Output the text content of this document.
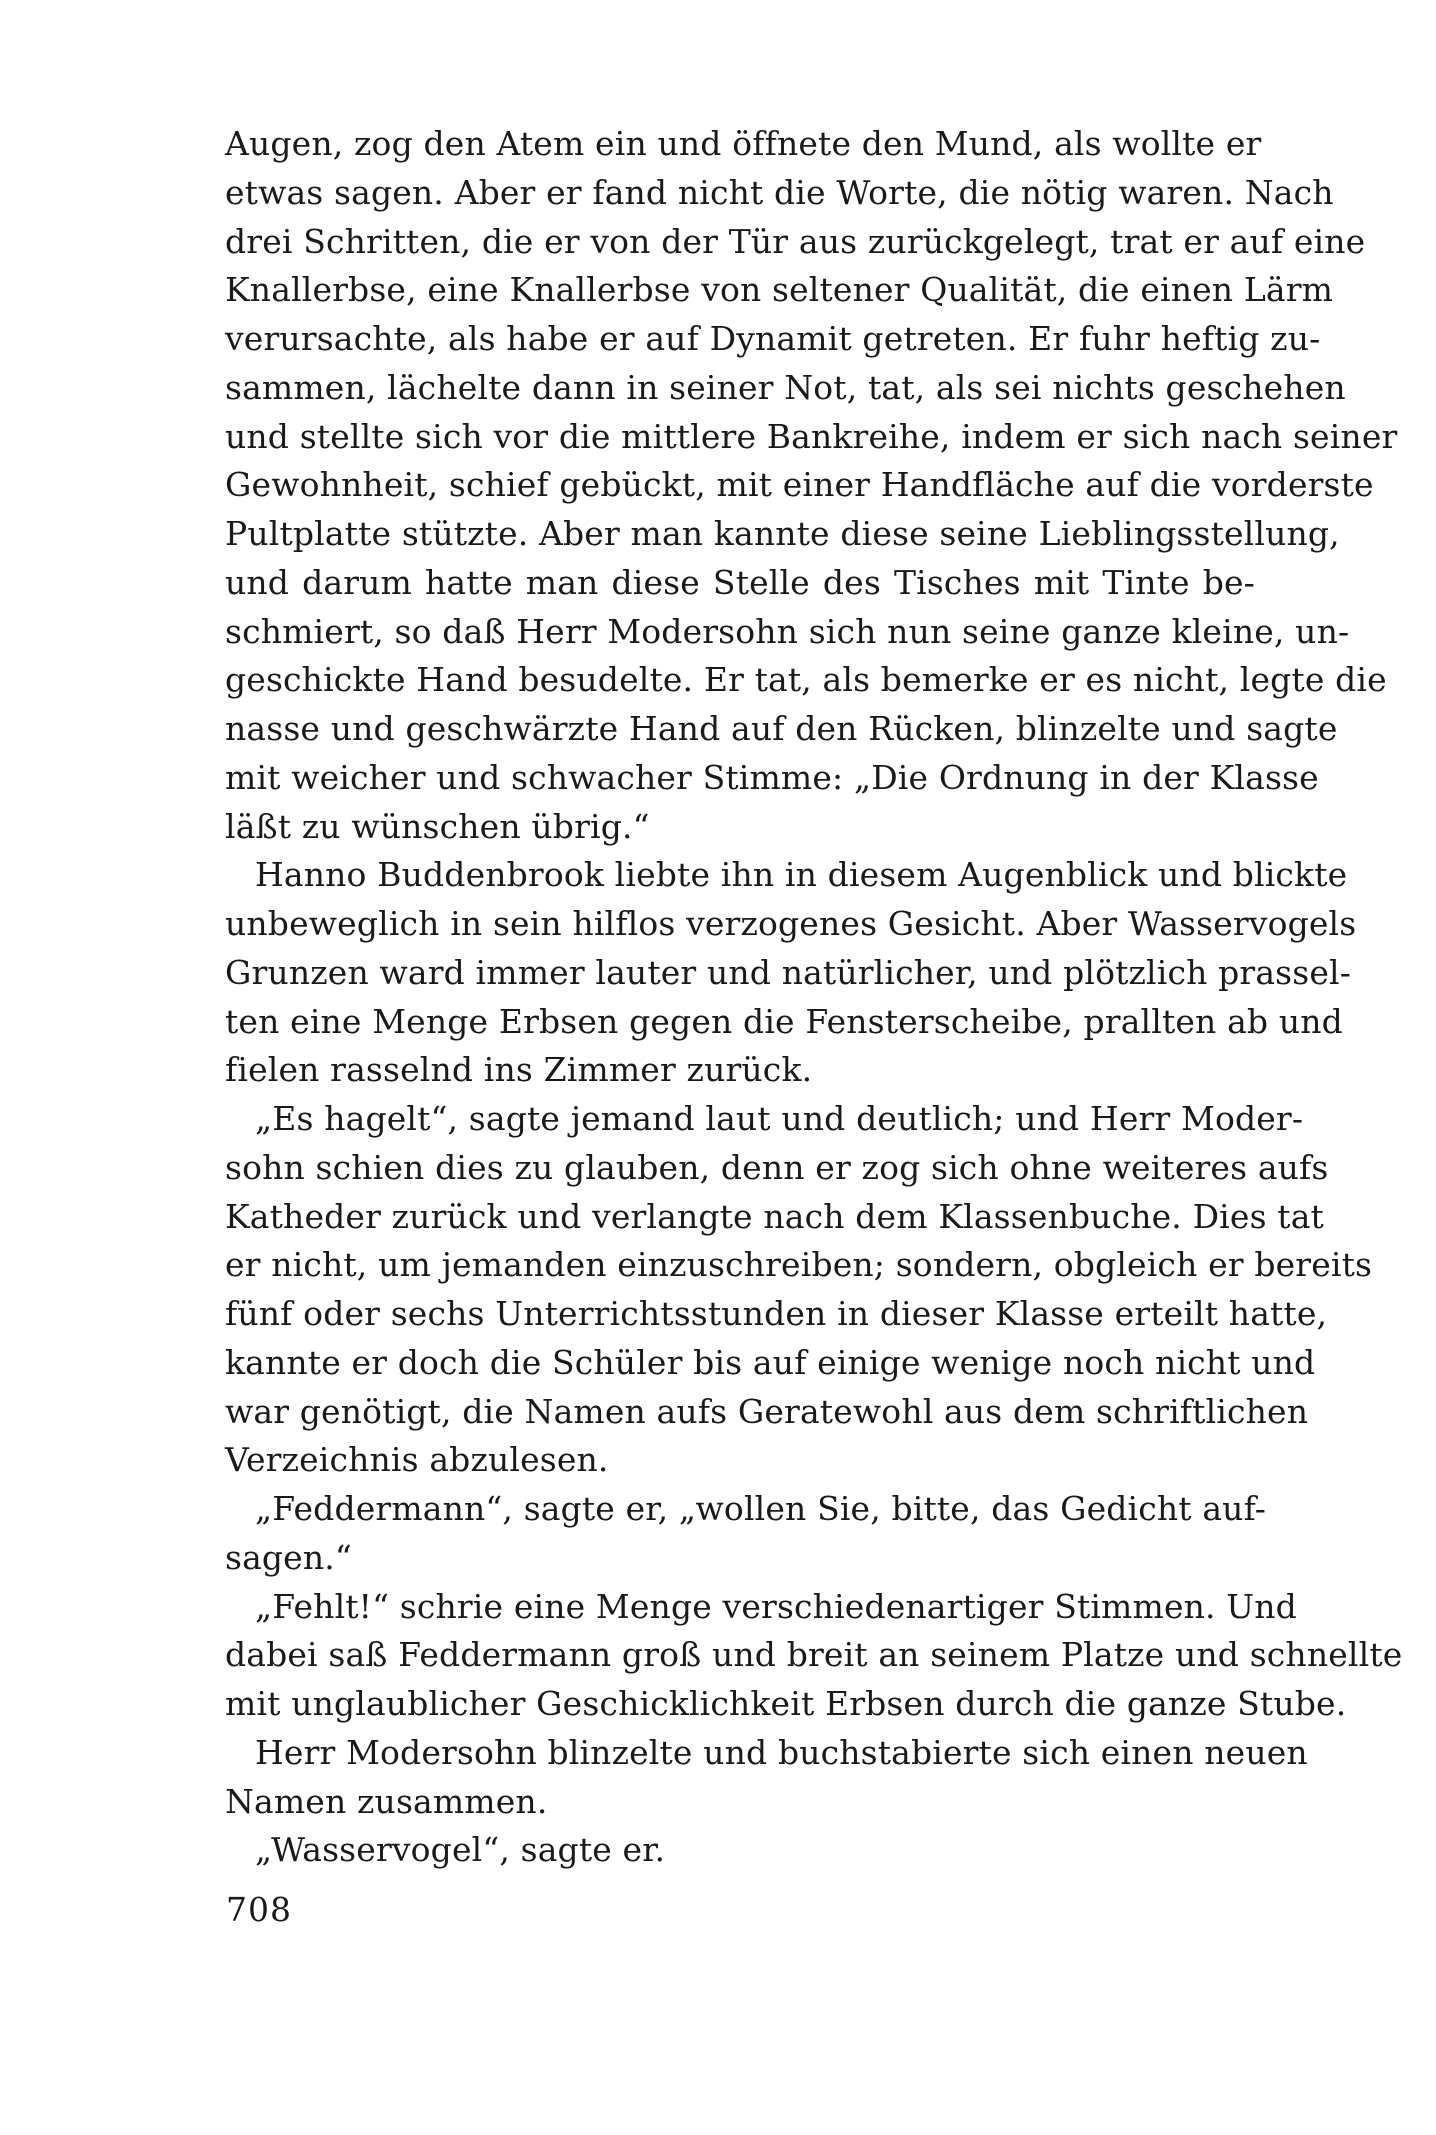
Augen, zog den Atem ein und öffnete den Mund, als wollte er
etwas sagen. Aber er fand nicht die Worte, die nötig waren. Nach
drei Schritten, die er von der Tür aus zurückgelegt, trat er auf eine
Knallerbse, eine Knallerbse von seltener Qualität, die einen Lärm
verursachte, als habe er auf Dynamit getreten. Er fuhr heftig zu-
sammen, lächelte dann in seiner Not, tat, als sei nichts geschehen
und stellte sich vor die mittlere Bankreihe, indem er sich nach seiner
Gewohnheit, schief gebückt, mit einer Handfläche auf die vorderste
Pultplatte stützte. Aber man kannte diese seine Lieblingsstellung,
und darum hatte man diese Stelle des Tisches mit Tinte be-
schmiert, so daß Herr Modersohn sich nun seine ganze kleine, un-
geschickte Hand besudelte. Er tat, als bemerke er es nicht, legte die
nasse und geschwärzte Hand auf den Rücken, blinzelte und sagte
mit weicher und schwacher Stimme: „Die Ordnung in der Klasse
läßt zu wünschen übrig.“
Hanno Buddenbrook liebte ihn in diesem Augenblick und blickte
unbeweglich in sein hilflos verzogenes Gesicht. Aber Wasservogels
Grunzen ward immer lauter und natürlicher, und plötzlich prassel-
ten eine Menge Erbsen gegen die Fensterscheibe, prallten ab und
fielen rasselnd ins Zimmer zurück.
„Es hagelt“, sagte jemand laut und deutlich; und Herr Moder-
sohn schien dies zu glauben, denn er zog sich ohne weiteres aufs
Katheder zurück und verlangte nach dem Klassenbuche. Dies tat
er nicht, um jemanden einzuschreiben; sondern, obgleich er bereits
fünf oder sechs Unterrichtsstunden in dieser Klasse erteilt hatte,
kannte er doch die Schüler bis auf einige wenige noch nicht und
war genötigt, die Namen aufs Geratewohl aus dem schriftlichen
Verzeichnis abzulesen.
„Feddermann“, sagte er, „wollen Sie, bitte, das Gedicht auf-
sagen.“
„Fehlt!“ schrie eine Menge verschiedenartiger Stimmen. Und
dabei saß Feddermann groß und breit an seinem Platze und schnellte
mit unglaublicher Geschicklichkeit Erbsen durch die ganze Stube.
Herr Modersohn blinzelte und buchstabierte sich einen neuen
Namen zusammen.
„Wasservogel“, sagte er.
708
